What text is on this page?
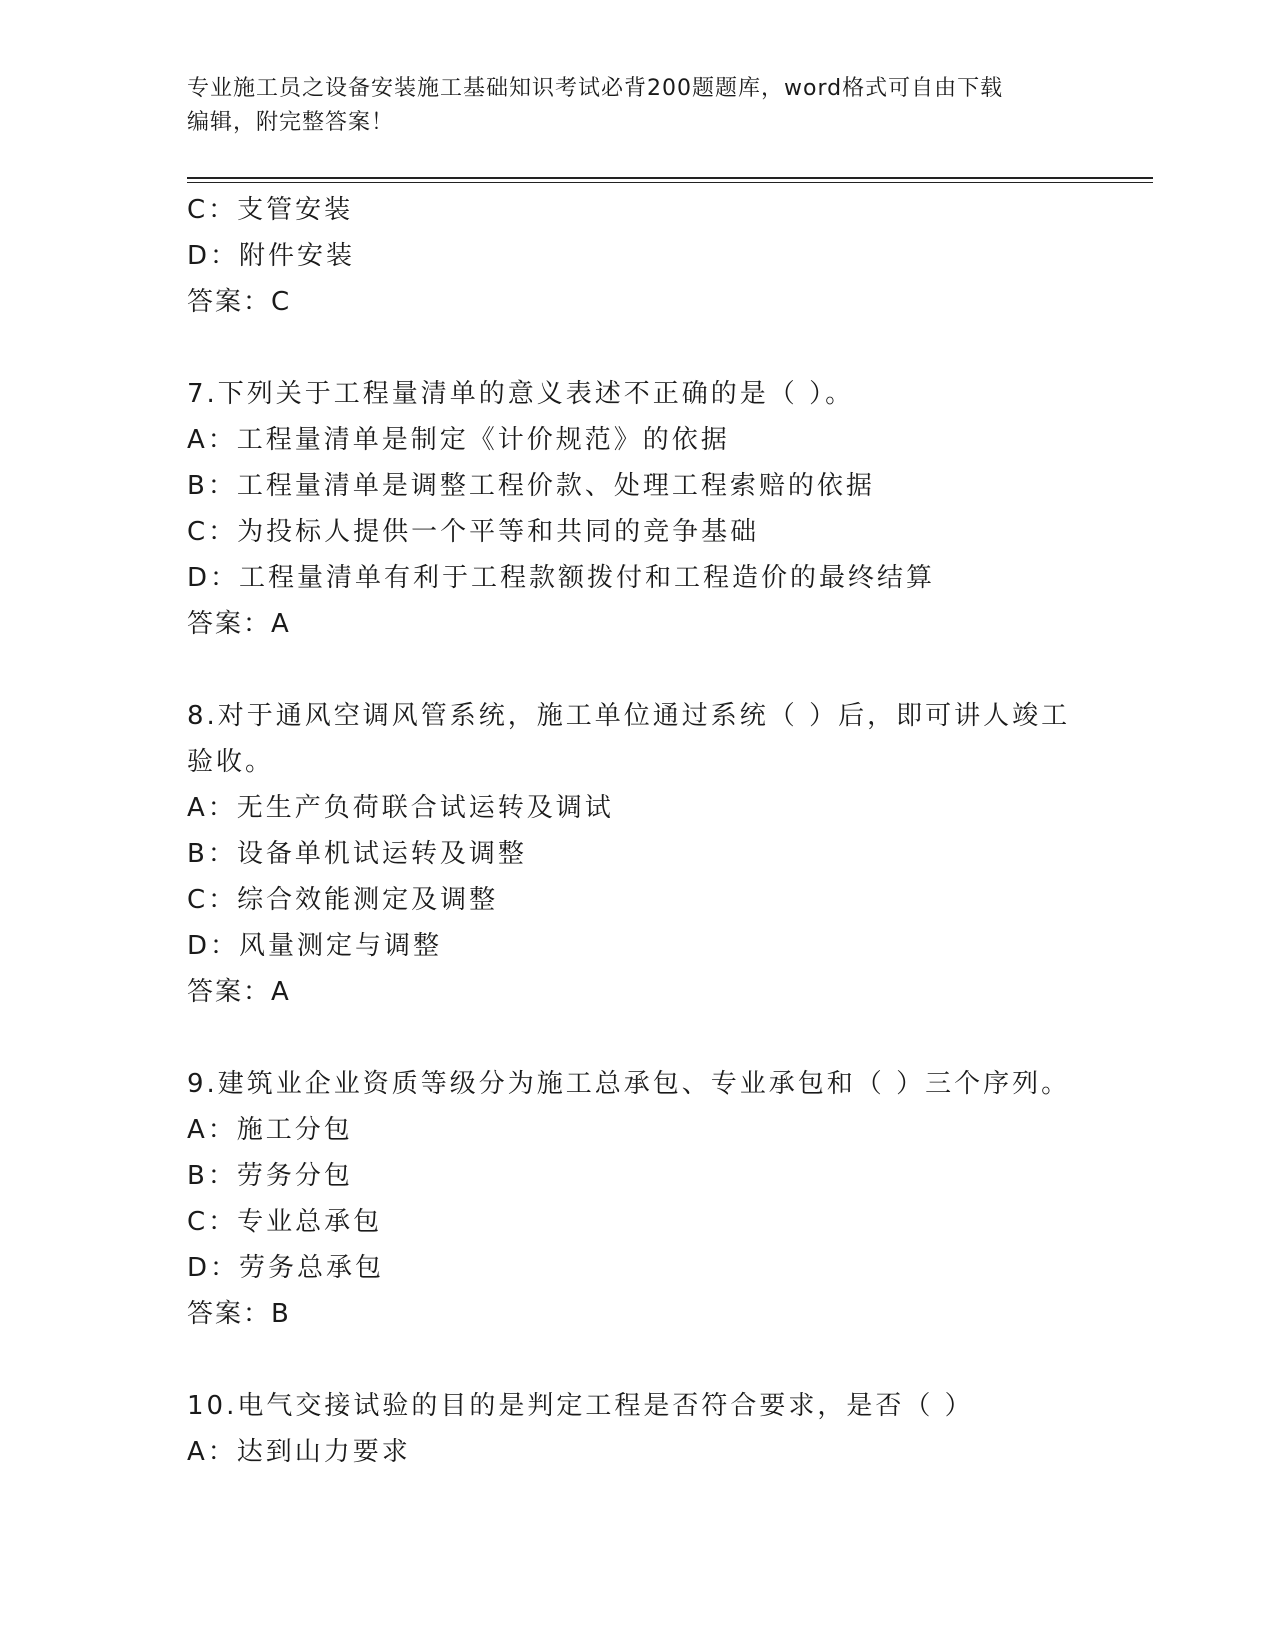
专业施工员之设备安装施工基础知识考试必背200题题库，word格式可自由下载
编辑，附完整答案！
C：支管安装
D：附件安装
答案：C
7.下列关于工程量清单的意义表述不正确的是（ ）。
A：工程量清单是制定《计价规范》的依据
B：工程量清单是调整工程价款、处理工程索赔的依据
C：为投标人提供一个平等和共同的竞争基础
D：工程量清单有利于工程款额拨付和工程造价的最终结算
答案：A
8.对于通风空调风管系统，施工单位通过系统（ ）后，即可讲人竣工
验收。
A：无生产负荷联合试运转及调试
B：设备单机试运转及调整
C：综合效能测定及调整
D：风量测定与调整
答案：A
9.建筑业企业资质等级分为施工总承包、专业承包和（ ）三个序列。
A：施工分包
B：劳务分包
C：专业总承包
D：劳务总承包
答案：B
10.电气交接试验的目的是判定工程是否符合要求，是否（ ）
A：达到山力要求
